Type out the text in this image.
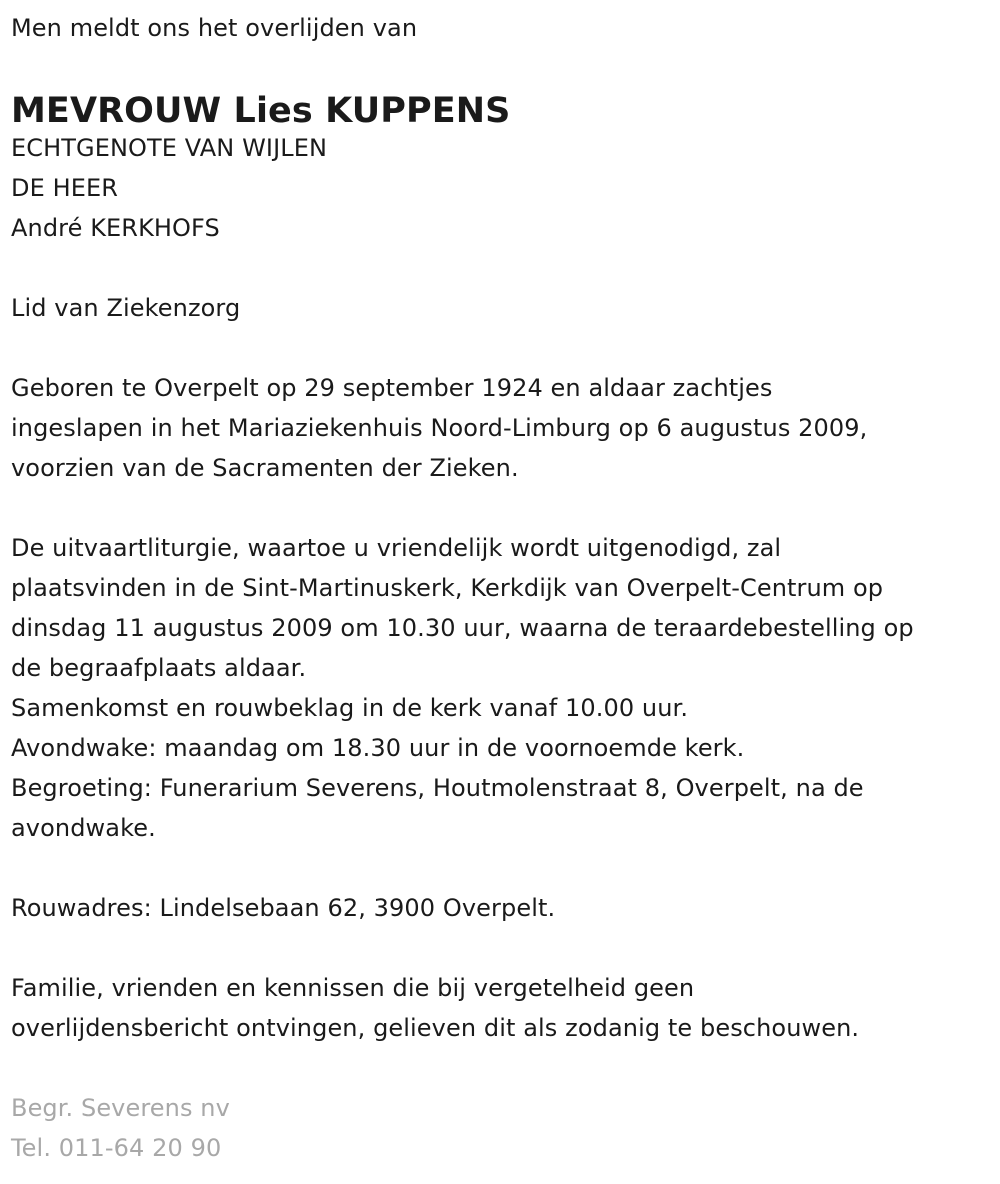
Men meldt ons het overlijden van
MEVROUW Lies KUPPENS
ECHTGENOTE VAN WIJLEN
DE HEER
André KERKHOFS
Lid van Ziekenzorg
Geboren te Overpelt op 29 september 1924 en aldaar zachtjes
ingeslapen in het Mariaziekenhuis Noord-Limburg op 6 augustus 2009,
voorzien van de Sacramenten der Zieken.
De uitvaartliturgie, waartoe u vriendelijk wordt uitgenodigd, zal
plaatsvinden in de Sint-Martinuskerk, Kerkdijk van Overpelt-Centrum op
dinsdag 11 augustus 2009 om 10.30 uur, waarna de teraardebestelling op
de begraafplaats aldaar.
Samenkomst en rouwbeklag in de kerk vanaf 10.00 uur.
Avondwake: maandag om 18.30 uur in de voornoemde kerk.
Begroeting: Funerarium Severens, Houtmolenstraat 8, Overpelt, na de
avondwake.
Rouwadres: Lindelsebaan 62, 3900 Overpelt.
Familie, vrienden en kennissen die bij vergetelheid geen
overlijdensbericht ontvingen, gelieven dit als zodanig te beschouwen.
Begr. Severens nv
Tel. 011-64 20 90
